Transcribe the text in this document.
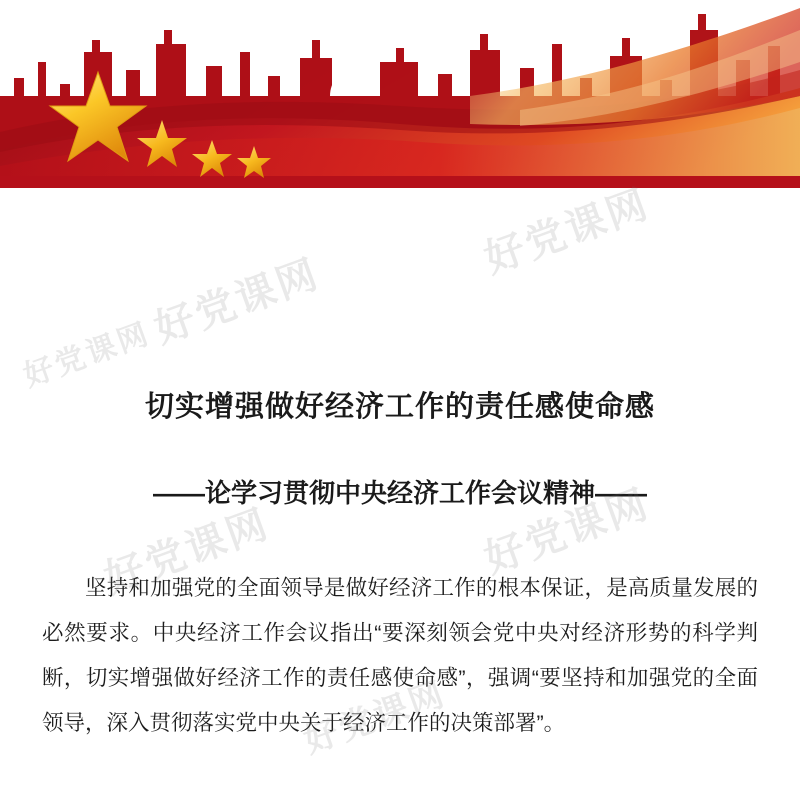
切实增强做好经济工作的责任感使命感
——论学习贯彻中央经济工作会议精神——
坚持和加强党的全面领导是做好经济工作的根本保证，是高质量发展的必然要求。中央经济工作会议指出“要深刻领会党中央对经济形势的科学判断，切实增强做好经济工作的责任感使命感”，强调“要坚持和加强党的全面领导，深入贯彻落实党中央关于经济工作的决策部署”。
好党课网
好党课网
好党课网
好党课网
好党课网
好党课网
